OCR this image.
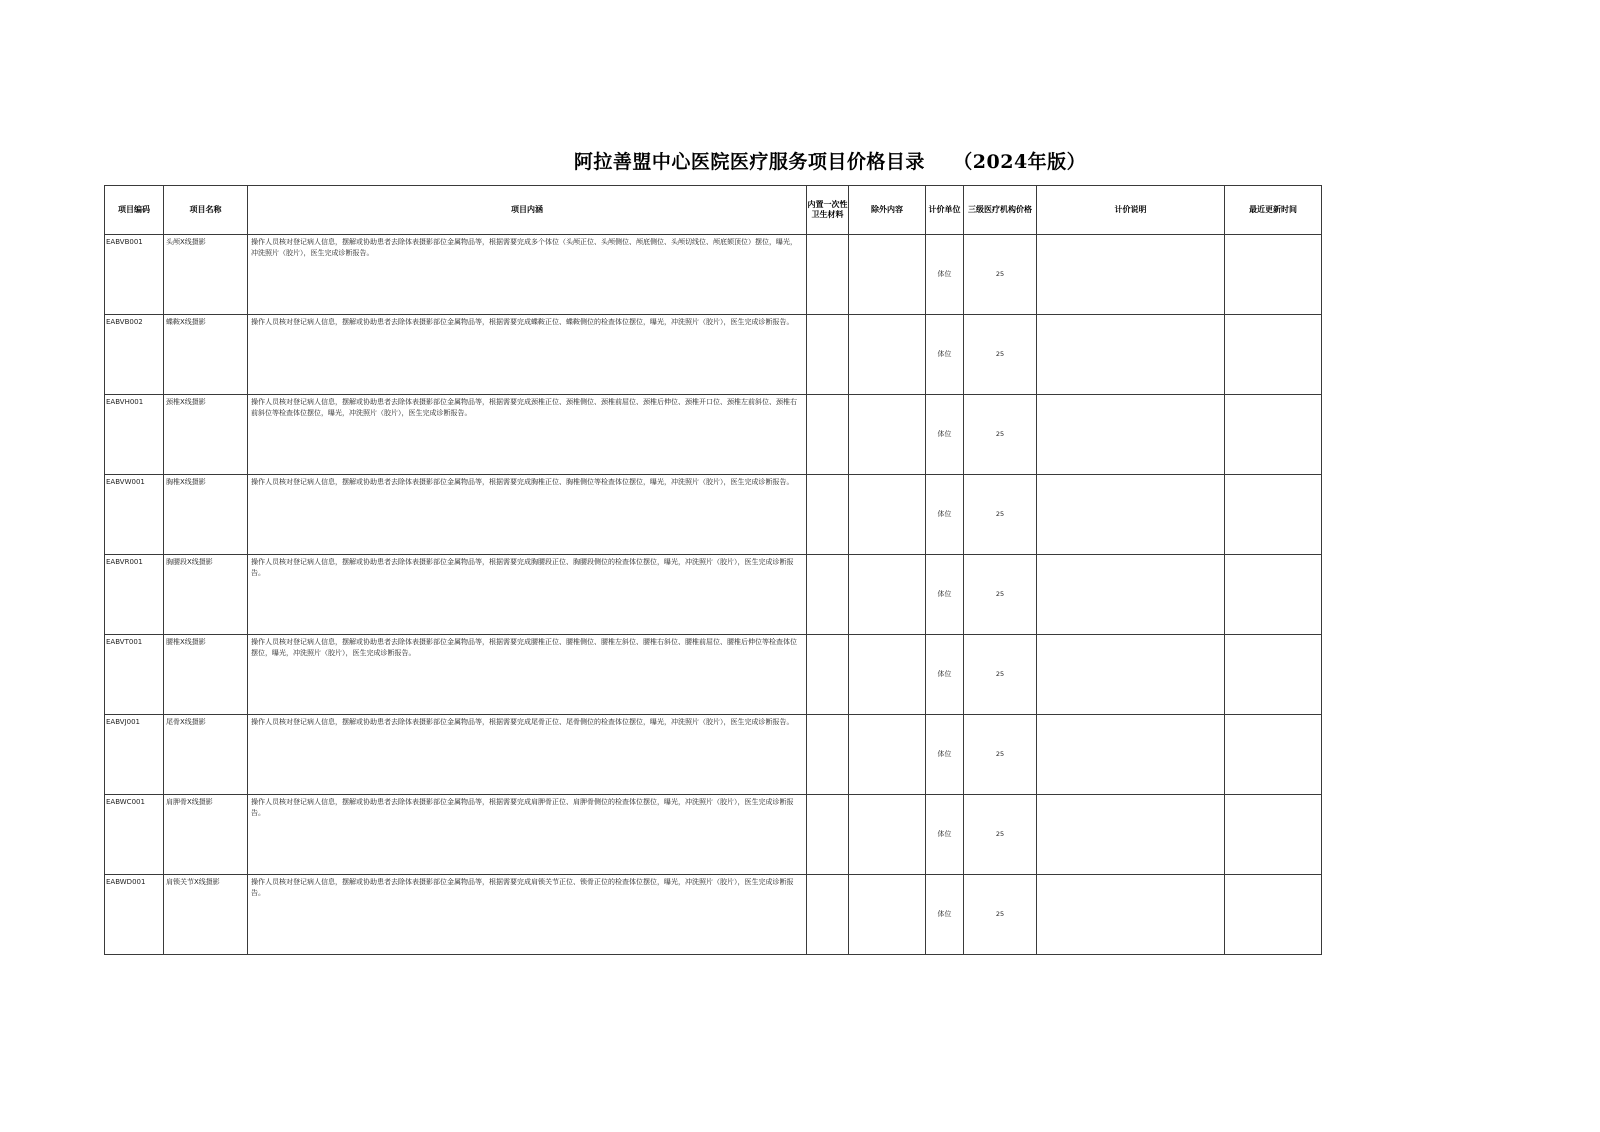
阿拉善盟中心医院医疗服务项目价格目录    （2024年版）
项目编码	项目名称	项目内涵	内置一次性卫生材料	除外内容	计价单位	三级医疗机构价格	计价说明	最近更新时间
EABVB001	头颅X线摄影	操作人员核对登记病人信息，摆解或协助患者去除体表摄影部位金属物品等，根据需要完成多个体位（头颅正位、头颅侧位、颅底侧位、头颅切线位、颅底颏顶位）摆位，曝光，冲洗照片（胶片），医生完成诊断报告。			体位	25		
EABVB002	蝶鞍X线摄影	操作人员核对登记病人信息，摆解或协助患者去除体表摄影部位金属物品等，根据需要完成蝶鞍正位、蝶鞍侧位的检查体位摆位，曝光，冲洗照片（胶片），医生完成诊断报告。			体位	25		
EABVH001	颈椎X线摄影	操作人员核对登记病人信息，摆解或协助患者去除体表摄影部位金属物品等，根据需要完成颈椎正位、颈椎侧位、颈椎前屈位、颈椎后伸位、颈椎开口位、颈椎左前斜位、颈椎右前斜位等检查体位摆位，曝光，冲洗照片（胶片），医生完成诊断报告。			体位	25		
EABVW001	胸椎X线摄影	操作人员核对登记病人信息，摆解或协助患者去除体表摄影部位金属物品等，根据需要完成胸椎正位、胸椎侧位等检查体位摆位，曝光，冲洗照片（胶片），医生完成诊断报告。			体位	25		
EABVR001	胸腰段X线摄影	操作人员核对登记病人信息，摆解或协助患者去除体表摄影部位金属物品等，根据需要完成胸腰段正位、胸腰段侧位的检查体位摆位，曝光，冲洗照片（胶片），医生完成诊断报告。			体位	25		
EABVT001	腰椎X线摄影	操作人员核对登记病人信息，摆解或协助患者去除体表摄影部位金属物品等，根据需要完成腰椎正位、腰椎侧位、腰椎左斜位、腰椎右斜位、腰椎前屈位、腰椎后伸位等检查体位摆位，曝光，冲洗照片（胶片），医生完成诊断报告。			体位	25		
EABVJ001	尾骨X线摄影	操作人员核对登记病人信息，摆解或协助患者去除体表摄影部位金属物品等，根据需要完成尾骨正位、尾骨侧位的检查体位摆位，曝光，冲洗照片（胶片），医生完成诊断报告。			体位	25		
EABWC001	肩胛骨X线摄影	操作人员核对登记病人信息，摆解或协助患者去除体表摄影部位金属物品等，根据需要完成肩胛骨正位、肩胛骨侧位的检查体位摆位，曝光，冲洗照片（胶片），医生完成诊断报告。			体位	25		
EABWD001	肩锁关节X线摄影	操作人员核对登记病人信息，摆解或协助患者去除体表摄影部位金属物品等，根据需要完成肩锁关节正位、锁骨正位的检查体位摆位，曝光，冲洗照片（胶片），医生完成诊断报告。			体位	25		
